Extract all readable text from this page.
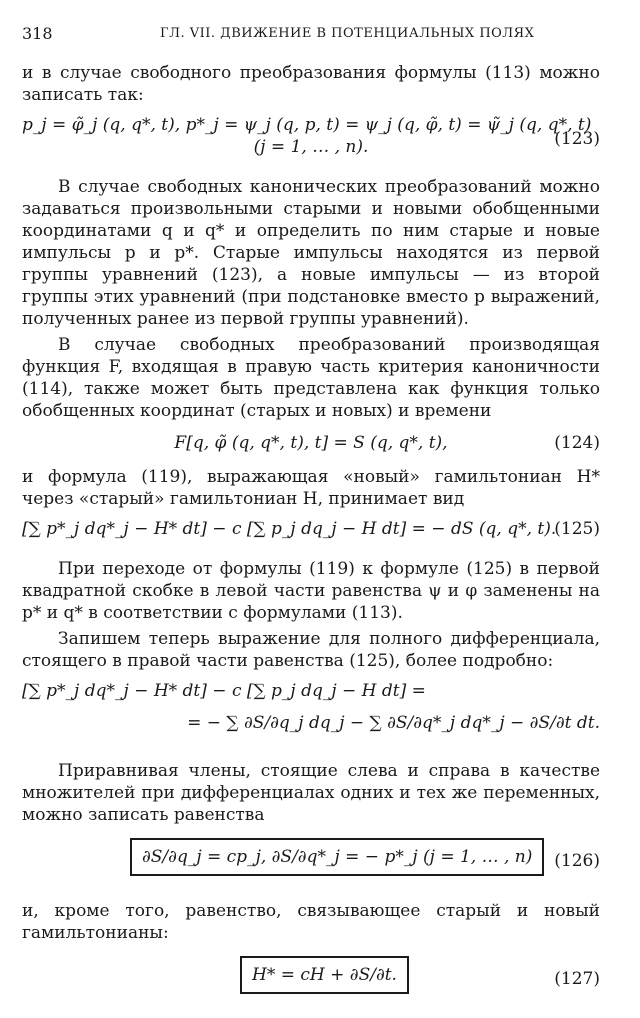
318	ГЛ. VII. ДВИЖЕНИЕ В ПОТЕНЦИАЛЬНЫХ ПОЛЯХ

и в случае свободного преобразования формулы (113) можно записать так:

p_j = φ̃_j (q, q*, t), p*_j = ψ_j (q, p, t) = ψ_j (q, φ̃, t) = ψ̃_j (q, q*, t)
(j = 1, … , n).	(123)

В случае свободных канонических преобразований можно задаваться произвольными старыми и новыми обобщенными координатами q и q* и определить по ним старые и новые импульсы p и p*. Старые импульсы находятся из первой группы уравнений (123), а новые импульсы — из второй группы этих уравнений (при подстановке вместо p выражений, полученных ранее из первой группы уравнений).

В случае свободных преобразований производящая функция F, входящая в правую часть критерия каноничности (114), также может быть представлена как функция только обобщенных координат (старых и новых) и времени

F[q, φ̃ (q, q*, t), t] = S (q, q*, t),	(124)

и формула (119), выражающая «новый» гамильтониан H* через «старый» гамильтониан H, принимает вид

[∑ p*_j dq*_j − H* dt] − c [∑ p_j dq_j − H dt] = − dS (q, q*, t).
(125)

При переходе от формулы (119) к формуле (125) в первой квадратной скобке в левой части равенства ψ и φ заменены на p* и q* в соответствии с формулами (113).

Запишем теперь выражение для полного дифференциала, стоящего в правой части равенства (125), более подробно:

[∑ p*_j dq*_j − H* dt] − c [∑ p_j dq_j − H dt] =
= − ∑ ∂S/∂q_j dq_j − ∑ ∂S/∂q*_j dq*_j − ∂S/∂t dt.

Приравнивая члены, стоящие слева и справа в качестве множителей при дифференциалах одних и тех же переменных, можно записать равенства

∂S/∂q_j = cp_j, ∂S/∂q*_j = − p*_j (j = 1, … , n)	(126)

и, кроме того, равенство, связывающее старый и новый гамильтонианы:

H* = cH + ∂S/∂t.	(127)
